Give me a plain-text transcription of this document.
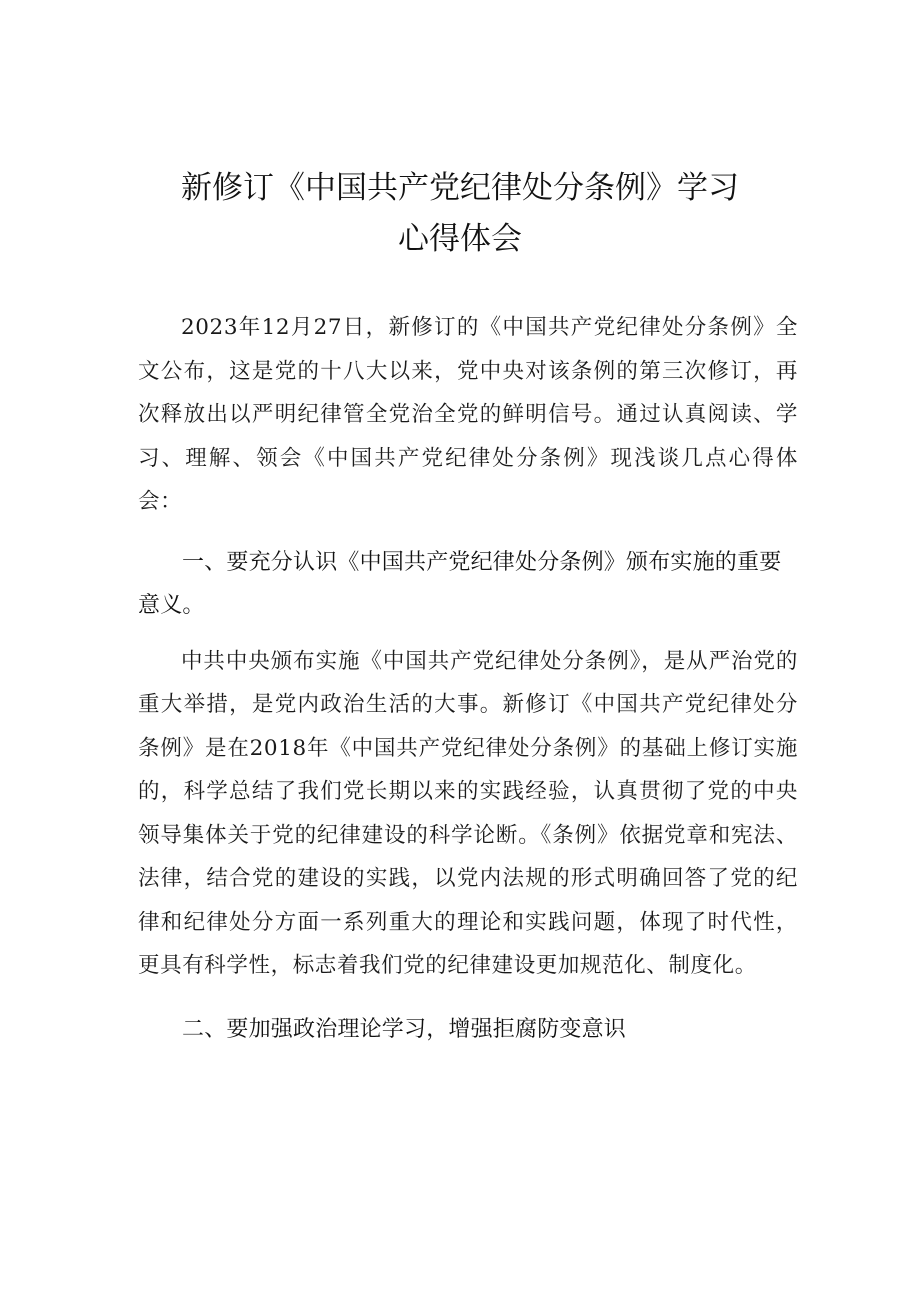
新修订《中国共产党纪律处分条例》学习
心得体会

2023年12月27日，新修订的《中国共产党纪律处分条例》全文公布，这是党的十八大以来，党中央对该条例的第三次修订，再次释放出以严明纪律管全党治全党的鲜明信号。通过认真阅读、学习、理解、领会《中国共产党纪律处分条例》现浅谈几点心得体会：

一、要充分认识《中国共产党纪律处分条例》颁布实施的重要意义。

中共中央颁布实施《中国共产党纪律处分条例》，是从严治党的重大举措，是党内政治生活的大事。新修订《中国共产党纪律处分条例》是在2018年《中国共产党纪律处分条例》的基础上修订实施的，科学总结了我们党长期以来的实践经验，认真贯彻了党的中央领导集体关于党的纪律建设的科学论断。《条例》依据党章和宪法、法律，结合党的建设的实践，以党内法规的形式明确回答了党的纪律和纪律处分方面一系列重大的理论和实践问题，体现了时代性，更具有科学性，标志着我们党的纪律建设更加规范化、制度化。

二、要加强政治理论学习，增强拒腐防变意识
